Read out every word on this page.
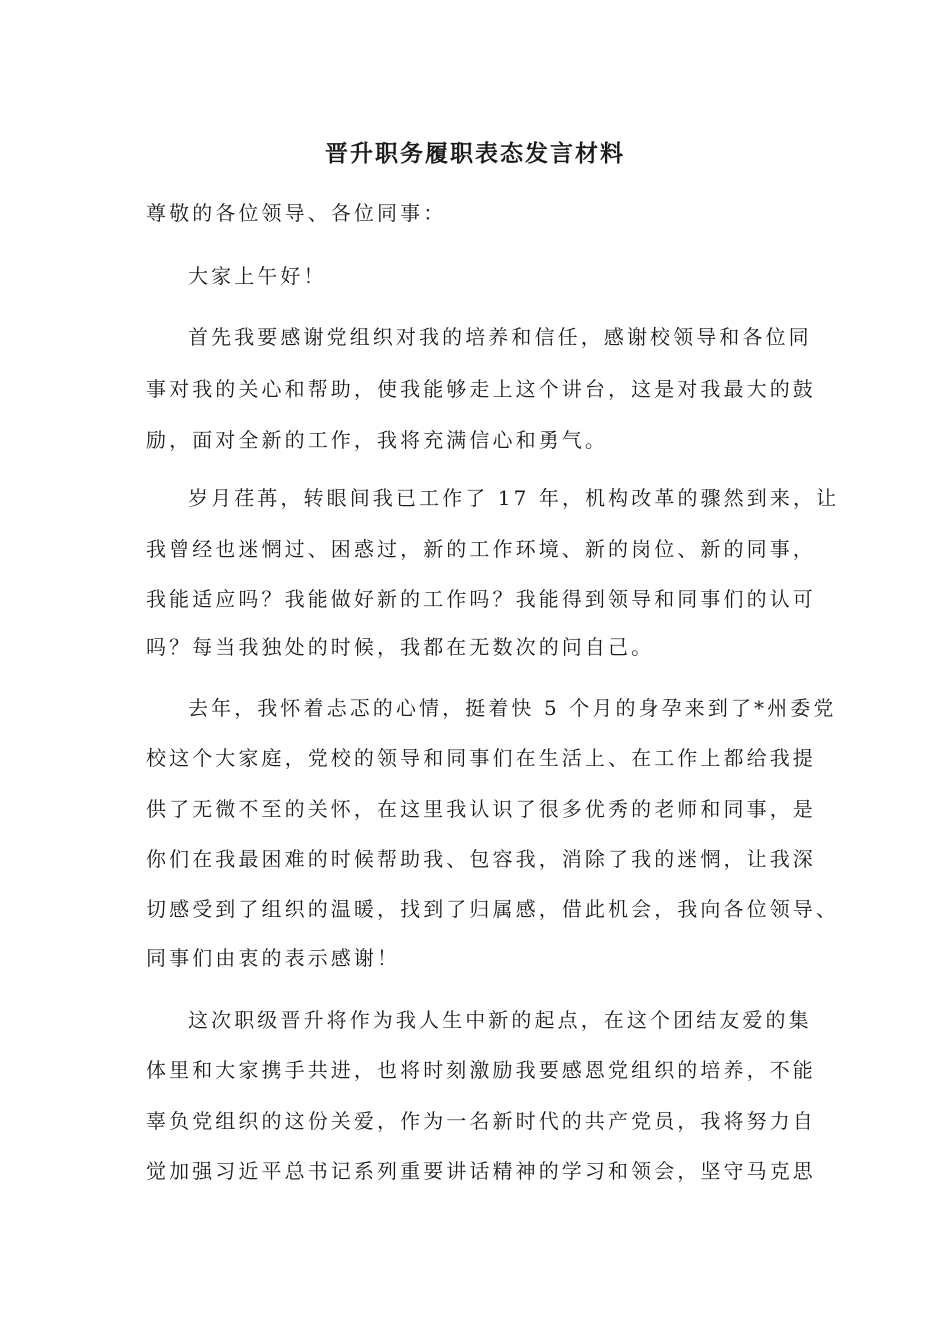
晋升职务履职表态发言材料
尊敬的各位领导、各位同事：
大家上午好！
首先我要感谢党组织对我的培养和信任，感谢校领导和各位同
事对我的关心和帮助，使我能够走上这个讲台，这是对我最大的鼓
励，面对全新的工作，我将充满信心和勇气。
岁月荏苒，转眼间我已工作了 17 年，机构改革的骤然到来，让
我曾经也迷惘过、困惑过，新的工作环境、新的岗位、新的同事，
我能适应吗？我能做好新的工作吗？我能得到领导和同事们的认可
吗？每当我独处的时候，我都在无数次的问自己。
去年，我怀着忐忑的心情，挺着快 5 个月的身孕来到了*州委党
校这个大家庭，党校的领导和同事们在生活上、在工作上都给我提
供了无微不至的关怀，在这里我认识了很多优秀的老师和同事，是
你们在我最困难的时候帮助我、包容我，消除了我的迷惘，让我深
切感受到了组织的温暖，找到了归属感，借此机会，我向各位领导、
同事们由衷的表示感谢！
这次职级晋升将作为我人生中新的起点，在这个团结友爱的集
体里和大家携手共进，也将时刻激励我要感恩党组织的培养，不能
辜负党组织的这份关爱，作为一名新时代的共产党员，我将努力自
觉加强习近平总书记系列重要讲话精神的学习和领会，坚守马克思
